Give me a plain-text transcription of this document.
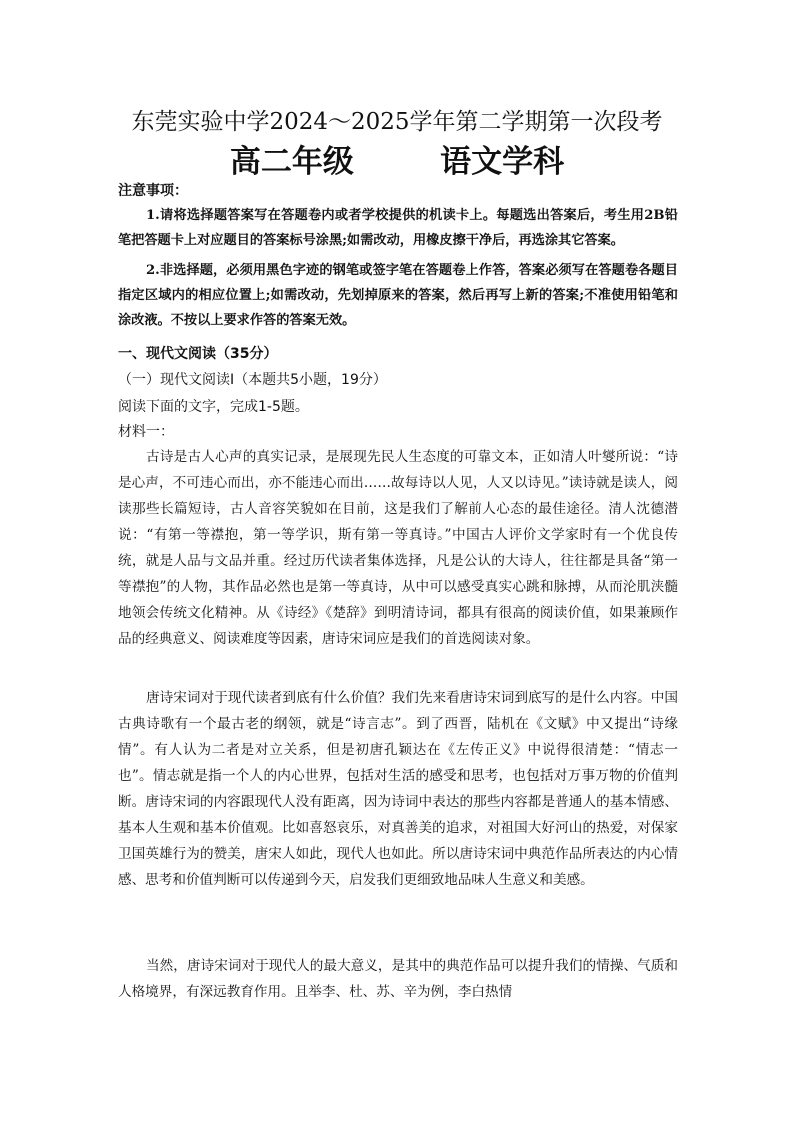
东莞实验中学2024～2025学年第二学期第一次段考
高二年级        语文学科
注意事项：
1.请将选择题答案写在答题卷内或者学校提供的机读卡上。每题选出答案后，考生用2B铅笔把答题卡上对应题目的答案标号涂黑;如需改动，用橡皮擦干净后，再选涂其它答案。
2.非选择题，必须用黑色字迹的钢笔或签字笔在答题卷上作答，答案必须写在答题卷各题目指定区域内的相应位置上;如需改动，先划掉原来的答案，然后再写上新的答案;不准使用铅笔和涂改液。不按以上要求作答的答案无效。
一、现代文阅读（35分）
（一）现代文阅读Ⅰ（本题共5小题，19分）
阅读下面的文字，完成1-5题。
材料一：
古诗是古人心声的真实记录，是展现先民人生态度的可靠文本，正如清人叶燮所说：“诗是心声，不可违心而出，亦不能违心而出……故每诗以人见，人又以诗见。”读诗就是读人，阅读那些长篇短诗，古人音容笑貌如在目前，这是我们了解前人心态的最佳途径。清人沈德潜说：“有第一等襟抱，第一等学识，斯有第一等真诗。”中国古人评价文学家时有一个优良传统，就是人品与文品并重。经过历代读者集体选择，凡是公认的大诗人，往往都是具备“第一等襟抱”的人物，其作品必然也是第一等真诗，从中可以感受真实心跳和脉搏，从而沦肌浃髓地领会传统文化精神。从《诗经》《楚辞》到明清诗词，都具有很高的阅读价值，如果兼顾作品的经典意义、阅读难度等因素，唐诗宋词应是我们的首选阅读对象。
唐诗宋词对于现代读者到底有什么价值？我们先来看唐诗宋词到底写的是什么内容。中国古典诗歌有一个最古老的纲领，就是“诗言志”。到了西晋，陆机在《文赋》中又提出“诗缘情”。有人认为二者是对立关系，但是初唐孔颖达在《左传正义》中说得很清楚：“情志一也”。情志就是指一个人的内心世界，包括对生活的感受和思考，也包括对万事万物的价值判断。唐诗宋词的内容跟现代人没有距离，因为诗词中表达的那些内容都是普通人的基本情感、基本人生观和基本价值观。比如喜怒哀乐，对真善美的追求，对祖国大好河山的热爱，对保家卫国英雄行为的赞美，唐宋人如此，现代人也如此。所以唐诗宋词中典范作品所表达的内心情感、思考和价值判断可以传递到今天，启发我们更细致地品味人生意义和美感。
当然，唐诗宋词对于现代人的最大意义，是其中的典范作品可以提升我们的情操、气质和人格境界，有深远教育作用。且举李、杜、苏、辛为例，李白热情
